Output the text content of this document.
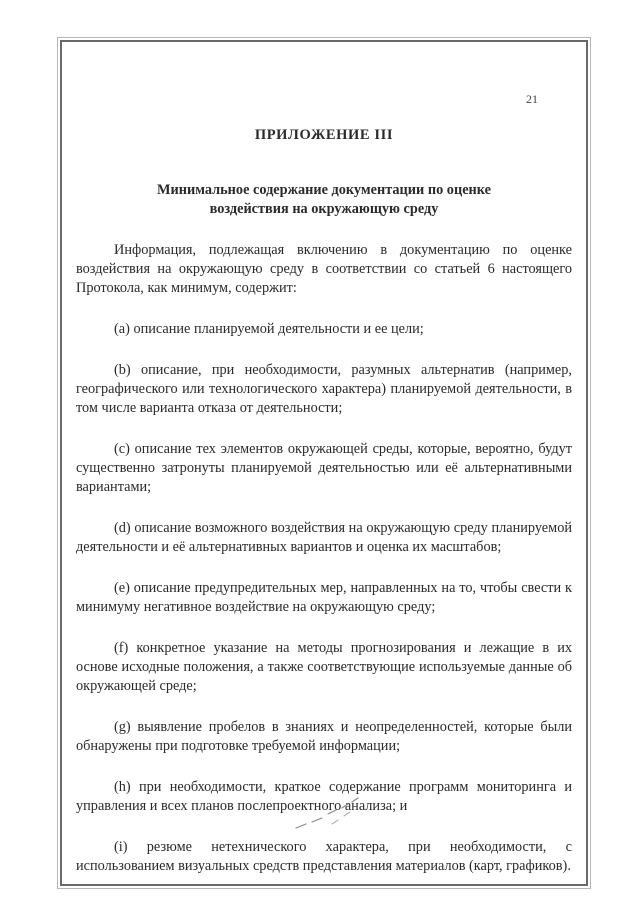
21

ПРИЛОЖЕНИЕ III

Минимальное содержание документации по оценке воздействия на окружающую среду

Информация, подлежащая включению в документацию по оценке воздействия на окружающую среду в соответствии со статьей 6 настоящего Протокола, как минимум, содержит:

(a) описание планируемой деятельности и ее цели;

(b) описание, при необходимости, разумных альтернатив (например, географического или технологического характера) планируемой деятельности, в том числе варианта отказа от деятельности;

(c) описание тех элементов окружающей среды, которые, вероятно, будут существенно затронуты планируемой деятельностью или её альтернативными вариантами;

(d) описание возможного воздействия на окружающую среду планируемой деятельности и её альтернативных вариантов и оценка их масштабов;

(e) описание предупредительных мер, направленных на то, чтобы свести к минимуму негативное воздействие на окружающую среду;

(f) конкретное указание на методы прогнозирования и лежащие в их основе исходные положения, а также соответствующие используемые данные об окружающей среде;

(g) выявление пробелов в знаниях и неопределенностей, которые были обнаружены при подготовке требуемой информации;

(h) при необходимости, краткое содержание программ мониторинга и управления и всех планов послепроектного анализа; и

(i) резюме нетехнического характера, при необходимости, с использованием визуальных средств представления материалов (карт, графиков).
